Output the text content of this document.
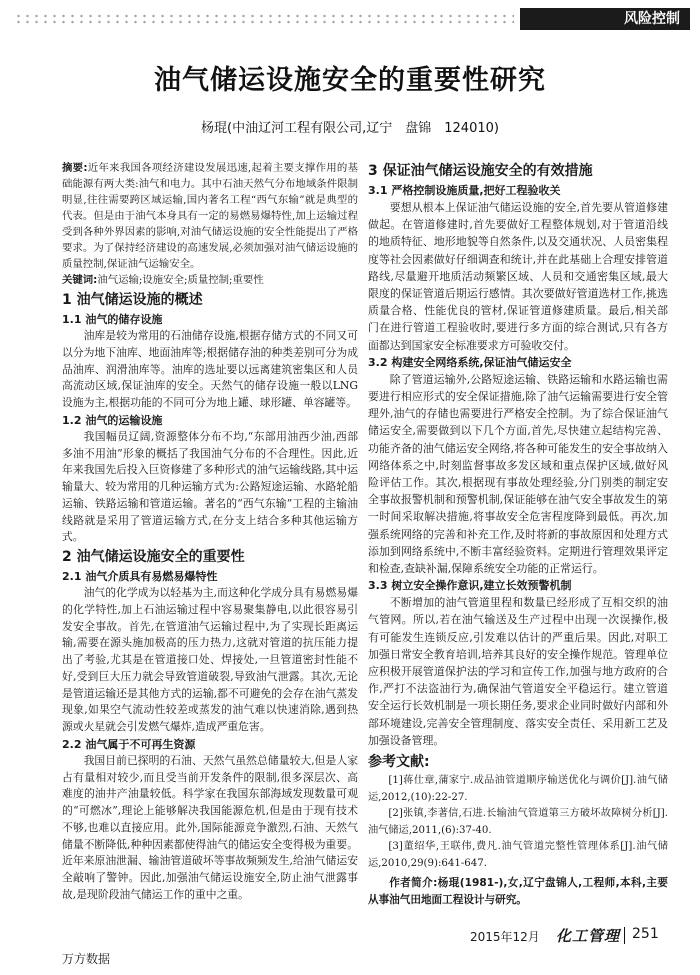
风险控制
油气储运设施安全的重要性研究
杨琨(中油辽河工程有限公司,辽宁　盘锦　124010)
摘要:近年来我国各项经济建设发展迅速,起着主要支撑作用的基础能源有两大类:油气和电力。其中石油天然气分布地域条件限制明显,往往需要跨区域运输,国内著名工程“西气东输”就是典型的代表。但是由于油气本身具有一定的易燃易爆特性,加上运输过程受到各种外界因素的影响,对油气储运设施的安全性能提出了严格要求。为了保持经济建设的高速发展,必须加强对油气储运设施的质量控制,保证油气运输安全。
关键词:油气运输;设施安全;质量控制;重要性
1 油气储运设施的概述
1.1 油气的储存设施

油库是较为常用的石油储存设施,根据存储方式的不同又可以分为地下油库、地面油库等;根据储存油的种类差别可分为成品油库、润滑油库等。油库的选址要以远离建筑密集区和人员高流动区域,保证油库的安全。天然气的储存设施一般以LNG设施为主,根据功能的不同可分为地上罐、球形罐、单容罐等。

1.2 油气的运输设施

我国幅员辽阔,资源整体分布不均,“东部用油西少油,西部多油不用油”形象的概括了我国油气分布的不合理性。因此,近年来我国先后投入巨资修建了多种形式的油气运输线路,其中运输量大、较为常用的几种运输方式为:公路短途运输、水路轮船运输、铁路运输和管道运输。著名的“西气东输”工程的主输油线路就是采用了管道运输方式,在分支上结合多种其他运输方式。

2 油气储运设施安全的重要性
2.1 油气介质具有易燃易爆特性

油气的化学成为以轻基为主,而这种化学成分具有易燃易爆的化学特性,加上石油运输过程中容易聚集静电,以此很容易引发安全事故。首先,在管道油气运输过程中,为了实现长距离运输,需要在源头施加极高的压力热力,这就对管道的抗压能力提出了考验,尤其是在管道接口处、焊接处,一旦管道密封性能不好,受到巨大压力就会导致管道破裂,导致油气泄露。其次,无论是管道运输还是其他方式的运输,都不可避免的会存在油气蒸发现象,如果空气流动性较差或蒸发的油气难以快速消除,遇到热源或火星就会引发燃气爆炸,造成严重危害。

2.2 油气属于不可再生资源

我国目前已探明的石油、天然气虽然总储量较大,但是人家占有量相对较少,而且受当前开发条件的限制,很多深层次、高难度的油井产油量较低。科学家在我国东部海域发现数量可观的“可燃冰”,理论上能够解决我国能源危机,但是由于现有技术不够,也难以直接应用。此外,国际能源竞争激烈,石油、天然气储量不断降低,种种因素都使得油气的储运安全变得极为重要。近年来原油泄漏、输油管道破坏等事故频频发生,给油气储运安全敲响了警钟。因此,加强油气储运设施安全,防止油气泄露事故,是现阶段油气储运工作的重中之重。

3 保证油气储运设施安全的有效措施
3.1 严格控制设施质量,把好工程验收关

要想从根本上保证油气储运设施的安全,首先要从管道修建做起。在管道修建时,首先要做好工程整体规划,对于管道沿线的地质特征、地形地貌等自然条件,以及交通状况、人员密集程度等社会因素做好仔细调查和统计,并在此基础上合理安排管道路线,尽量避开地质活动频繁区域、人员和交通密集区域,最大限度的保证管道后期运行感情。其次要做好管道选材工作,挑选质量合格、性能优良的管材,保证管道修建质量。最后,相关部门在进行管道工程验收时,要进行多方面的综合测试,只有各方面都达到国家安全标准要求方可验收交付。

3.2 构建安全网络系统,保证油气储运安全

除了管道运输外,公路短途运输、铁路运输和水路运输也需要进行相应形式的安全保证措施,除了油气运输需要进行安全管理外,油气的存储也需要进行严格安全控制。为了综合保证油气储运安全,需要做到以下几个方面,首先,尽快建立起结构完善、功能齐备的油气储运安全网络,将各种可能发生的安全事故纳入网络体系之中,时刻监督事故多发区域和重点保护区域,做好风险评估工作。其次,根据现有事故处理经验,分门别类的制定安全事故报警机制和预警机制,保证能够在油气安全事故发生的第一时间采取解决措施,将事故安全危害程度降到最低。再次,加强系统网络的完善和补充工作,及时将新的事故原因和处理方式添加到网络系统中,不断丰富经验资料。定期进行管理效果评定和检查,查缺补漏,保障系统安全功能的正常运行。

3.3 树立安全操作意识,建立长效预警机制

不断增加的油气管道里程和数量已经形成了互相交织的油气管网。所以,若在油气输送及生产过程中出现一次误操作,极有可能发生连锁反应,引发难以估计的严重后果。因此,对职工加强日常安全教育培训,培养其良好的安全操作规范。管理单位应积极开展管道保护法的学习和宣传工作,加强与地方政府的合作,严打不法盗油行为,确保油气管道安全平稳运行。建立管道安全运行长效机制是一项长期任务,要求企业同时做好内部和外部环境建设,完善安全管理制度、落实安全责任、采用新工艺及加强设备管理。

参考文献:
[1]蒋仕章,蒲家宁.成品油管道顺序输送优化与调价[J].油气储运,2012,(10):22-27.
[2]张镇,李著信,石进.长输油气管道第三方破坏故障树分析[J].油气储运,2011,(6):37-40.
[3]董绍华,王联伟,费凡.油气管道完整性管理体系[J].油气储运,2010,29(9):641-647.
作者简介:杨琨(1981-),女,辽宁盘锦人,工程师,本科,主要从事油气田地面工程设计与研究。
2015年12月 化工管理 251
万方数据
